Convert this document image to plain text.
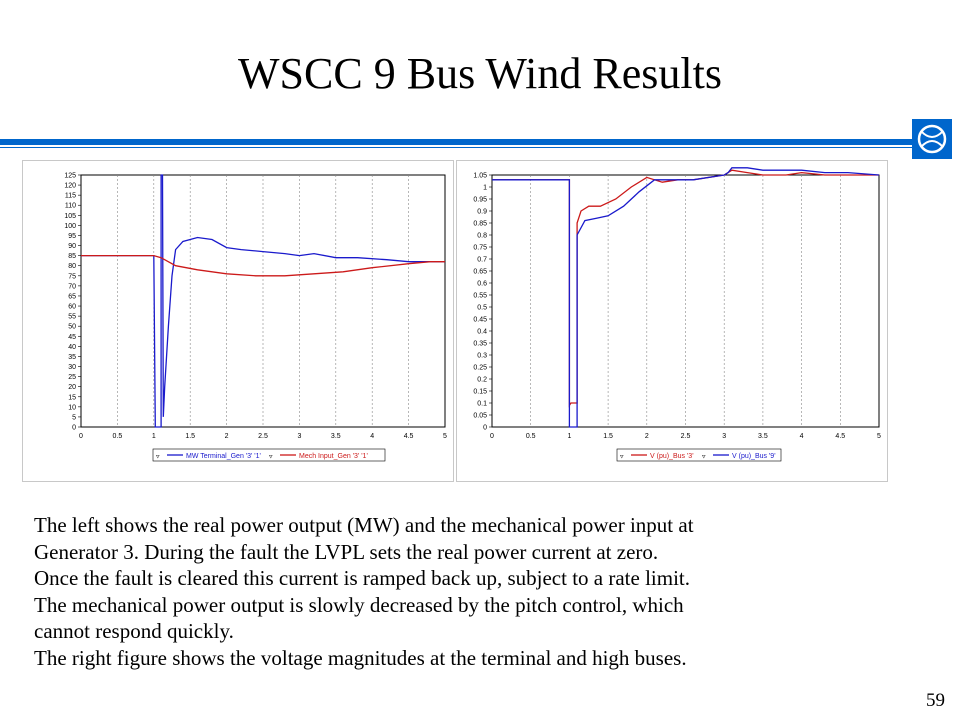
WSCC 9 Bus Wind Results
0	0.5	1	1.5	2	2.5	3	3.5	4	4.5	5
0
5
10
15
20
25
30
35
40
45
50
55
60
65
70
75
80
85
90
95
100
105
110
115
120
125
▿	MW Terminal_Gen '3' '1' ▿	Mech Input_Gen '3' '1'
0	0.5	1	1.5	2	2.5	3	3.5	4	4.5	5
0
0.05
0.1
0.15
0.2
0.25
0.3
0.35
0.4
0.45
0.5
0.55
0.6
0.65
0.7
0.75
0.8
0.85
0.9
0.95
1
1.05
▿	V (pu)_Bus '3' ▿	V (pu)_Bus '9'

The left shows the real power output (MW) and the mechanical power input at

Generator 3. During the fault the LVPL sets the real power current at zero.

Once the fault is cleared this current is ramped back up, subject to a rate limit.

The mechanical power output is slowly decreased by the pitch control, which

cannot respond quickly.

The right figure shows the voltage magnitudes at the terminal and high buses.

59
